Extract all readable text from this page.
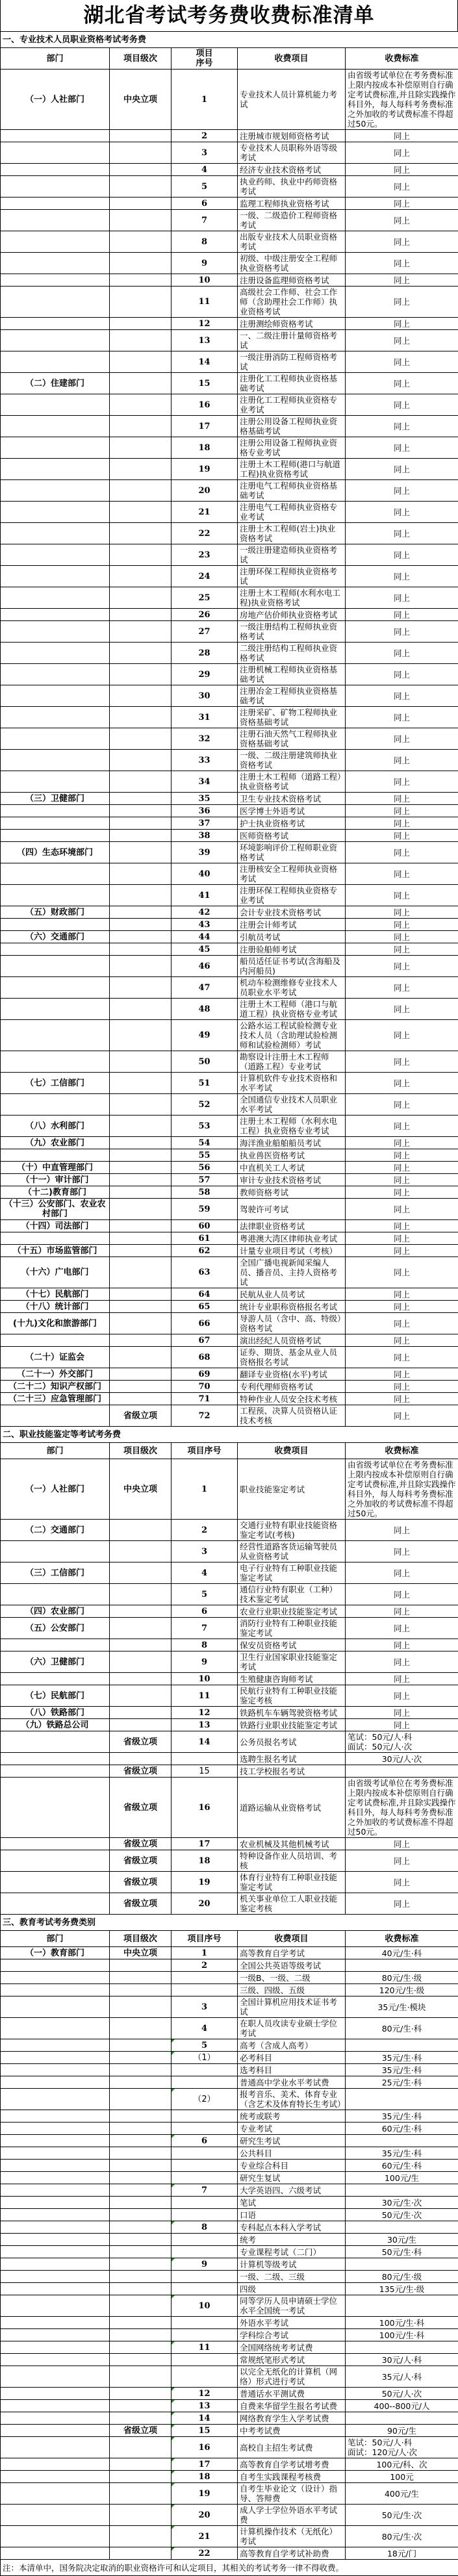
湖北省考试考务费收费标准清单
一、专业技术人员职业资格考试考务费				
部门	项目级次	项目
序号	收费项目	收费标准
（一）人社部门	中央立项	1	专业技术人员计算机能力考试	由省级考试单位在考务费标准上限内按成本补偿原则自行确定考试费标准,并且除实践操作科目外，每人每科考务费标准之外加收的考试费标准不得超过50元。
		2	注册城市规划师资格考试	同上
		3	专业技术人员职称外语等级考试	同上
		4	经济专业技术资格考试	同上
		5	执业药师、执业中药师资格考试	同上
		6	监理工程师执业资格考试	同上
		7	一级、二级造价工程师资格考试	同上
		8	出版专业技术人员职业资格考试	同上
		9	初级、中级注册安全工程师执业资格考试	同上
		10	注册设备监理师资格考试	同上
		11	高级社会工作师、社会工作师（含助理社会工作师）执业资格考试	同上
		12	注册测绘师资格考试	同上
		13	一、二级注册计量师资格考试	同上
		14	一级注册消防工程师资格考试	同上
（二）住建部门		15	注册化工工程师执业资格基础考试	同上
		16	注册化工工程师执业资格专业考试	同上
		17	注册公用设备工程师执业资格基础考试	同上
		18	注册公用设备工程师执业资格专业考试	同上
		19	注册土木工程师(港口与航道工程)执业资格考试	同上
		20	注册电气工程师执业资格基础考试	同上
		21	注册电气工程师执业资格专业考试	同上
		22	注册土木工程师(岩土)执业资格考试	同上
		23	一级注册建造师执业资格考试	同上
		24	注册环保工程师执业资格考试	同上
		25	注册土木工程师(水利水电工程)执业资格考试	同上
		26	房地产估价师执业资格考试	同上
		27	一级注册结构工程师执业资格考试	同上
		28	二级注册结构工程师执业资格考试	同上
		29	注册机械工程师执业资格基础考试	同上
		30	注册冶金工程师执业资格基础考试	同上
		31	注册采矿、矿物工程师执业资格基础考试	同上
		32	注册石油天然气工程师执业资格基础考试	同上
		33	一级、二级注册建筑师执业资格考试	同上
		34	注册土木工程师（道路工程）执业资格考试	同上
（三）卫健部门		35	卫生专业技术资格考试	同上
		36	医学博士外语考试	同上
		37	护士执业资格考试	同上
		38	医师资格考试	同上
（四）生态环境部门		39	环境影响评价工程师职业资格考试	同上
		40	注册核安全工程师执业资格考试	同上
		41	注册环保工程师执业资格专业考试	同上
（五）财政部门		42	会计专业技术资格考试	同上
		43	注册会计师考试	同上
（六）交通部门		44	引航员考试	同上
		45	注册验船师考试	同上
		46	船员适任证书考试(含海船及内河船员)	同上
		47	机动车检测维修专业技术人员职业水平考试	同上
		48	注册土木工程师（港口与航道工程）执业资格专业考试	同上
		49	公路水运工程试验检测专业技术人员（含助理试验检测师和试验检测师）考试	同上
		50	勘察设计注册土木工程师（道路工程）专业考试	同上
（七）工信部门		51	计算机软件专业技术资格和水平考试	同上
		52	全国通信专业技术人员职业水平考试	同上
（八）水利部门		53	注册土木工程师（水利水电工程）执业资格专业考试	同上
（九）农业部门		54	海洋渔业船舶船员考试	同上
		55	执业兽医资格考试	同上
（十）中直管理部门		56	中直机关工人考试	同上
（十一）审计部门		57	审计专业技术资格考试	同上
（十二)教育部门		58	教师资格考试	同上
（十三）公安部门、农业农村部门		59	驾驶许可考试	同上
（十四）司法部门		60	法律职业资格考试	同上
		61	粤港澳大湾区律师执业考试	同上
（十五）市场监管部门		62	计量专业项目考试（考核）	同上
（十六）广电部门		63	全国广播电视新闻采编人员、播音员、主持人资格考试	同上
（十七）民航部门		64	民航从业人员考试	同上
（十八）统计部门		65	统计专业职称资格报名考试	同上
(十九)文化和旅游部门		66	导游人员（含中、高、特级）资格考试	同上
		67	演出经纪人员资格考试	同上
（二十）证监会		68	证券、期货、基金从业人员资格报名考试	同上
（二十一）外交部门		69	翻译专业资格(水平)考试	同上
（二十二）知识产权部门		70	专利代理师资格考试	同上
（二十三）应急管理部门		71	特种作业人员安全技术考核	同上
	省级立项	72	工程预、决算人员资格认证技术考核	同上
二、职业技能鉴定等考试考务费				
部门	项目级次	项目序号	收费项目	收费标准
（一）人社部门	中央立项	1	职业技能鉴定考试	由省级考试单位在考务费标准上限内按成本补偿原则自行确定考试费标准,并且除实践操作科目外，每人每科考务费标准之外加收的考试费标准不得超过50元。
（二）交通部门		2	交通行业特有职业技能资格鉴定考试(考核)	同上
		3	经营性道路客货运输驾驶员从业资格考试	同上
（三）工信部门		4	电子行业特有工种职业技能鉴定考试	同上
		5	通信行业特有职业（工种）技术鉴定考试	同上
（四）农业部门		6	农业行业职业技能鉴定考试	同上
（五）公安部门		7	消防行业特有工种职业技能鉴定考试	同上
		8	保安员资格考试	同上
（六）卫健部门		9	卫生行业国家职业技能鉴定考试	同上
		10	生殖健康咨询师考试	同上
（七）民航部门		11	民航行业特有工种职业技能鉴定考核	同上
（八）铁路部门		12	铁路机车车辆驾驶资格考试	同上
（九）铁路总公司		13	铁路行业职业技能鉴定考试	同上
	省级立项	14	公务员报名考试	笔试：50元/人·科
面试：50元/人·次
			选聘生报名考试	30元/人·次
	省级立项	15	技工学校报名考试	
	省级立项	16	道路运输从业资格考试	由省级考试单位在考务费标准上限内按成本补偿原则自行确定考试费标准,并且除实践操作科目外，每人每科考务费标准之外加收的考试费标准不得超过50元。
	省级立项	17	农业机械及其他机械考试	同上
	省级立项	18	特种设备作业人员培训、考核	同上
	省级立项	19	体育行业特有工种职业技能鉴定考试	同上
	省级立项	20	机关事业单位工人职业技能鉴定考核	同上
三、教育考试考务费类别				
部门	项目级次	项目序号	收费项目	收费标准
（一）教育部门	中央立项	1	高等教育自学考试	40元/生·科
		2	全国公共英语等级考试	
			一级B、一级、二级	80元/生·级
			三级、四级、五级	120元/生·级
		3	全国计算机应用技术证书考试	35元/生·模块
		4	在职人员攻读专业硕士学位考试	80元/生·科
		5	高考（含成人高考）	
		（1）	必考科目	35元/生·科
			选考科目	35元/生·科
			普通高中学业水平考试费	25元/生·科
		（2）	报考音乐、美术、体育专业（含艺术及体育特长生考试）	
			统考或联考	35元/生·科
			专业考试	60元/生·科
		6	研究生考试	
			公共科目	35元/生·科
			专业综合科目	60元/生·科
			研究生复试	100元/生
		7	大学英语四、六级考试	
			笔试	30元/生·次
			口语	50元/生·次
		8	专科起点本科入学考试	
			统考	30元/生
			专业课程考试（二门）	50元/生·科
		9	计算机等级考试	
			一级、二级、三级	80元/生·级
			四级	135元/生·级
		10	同等学历人员申请硕士学位水平全国统一考试	
			外语水平考试	100元/生·科
			学科综合考试	100元/生·科
		11	全国网络统考考试费	
			常规纸笔形式考试	30元/人·科
			以完全无纸化的计算机（网络）形式进行考试	35元/人·科
		12	普通话水平测试费	50元/人·次
		13	自费来华留学生报名考试费	400--800元/人
		14	网络教育学生入学考试费	
	省级立项	15	中考考试费	90元/生
		16	高校自主招生考试费	笔试：50元/人·科
面试：120元/人·次
		17	高等教育自学考试增考费	100元/科、次
		18	自考生实践课程考核费	100元
		19	自考生毕业论文（设计）指导、答辩费	400元/生
		20	成人学士学位外语水平考试费	50元/生·次
		21	计算机操作技术（无纸化）考试	80元/生·次
		22	高等教育自学考试补助费	18元/门
注：本清单中，国务院决定取消的职业资格许可和认定项目，其相关的考试考务一律不得收费。				
